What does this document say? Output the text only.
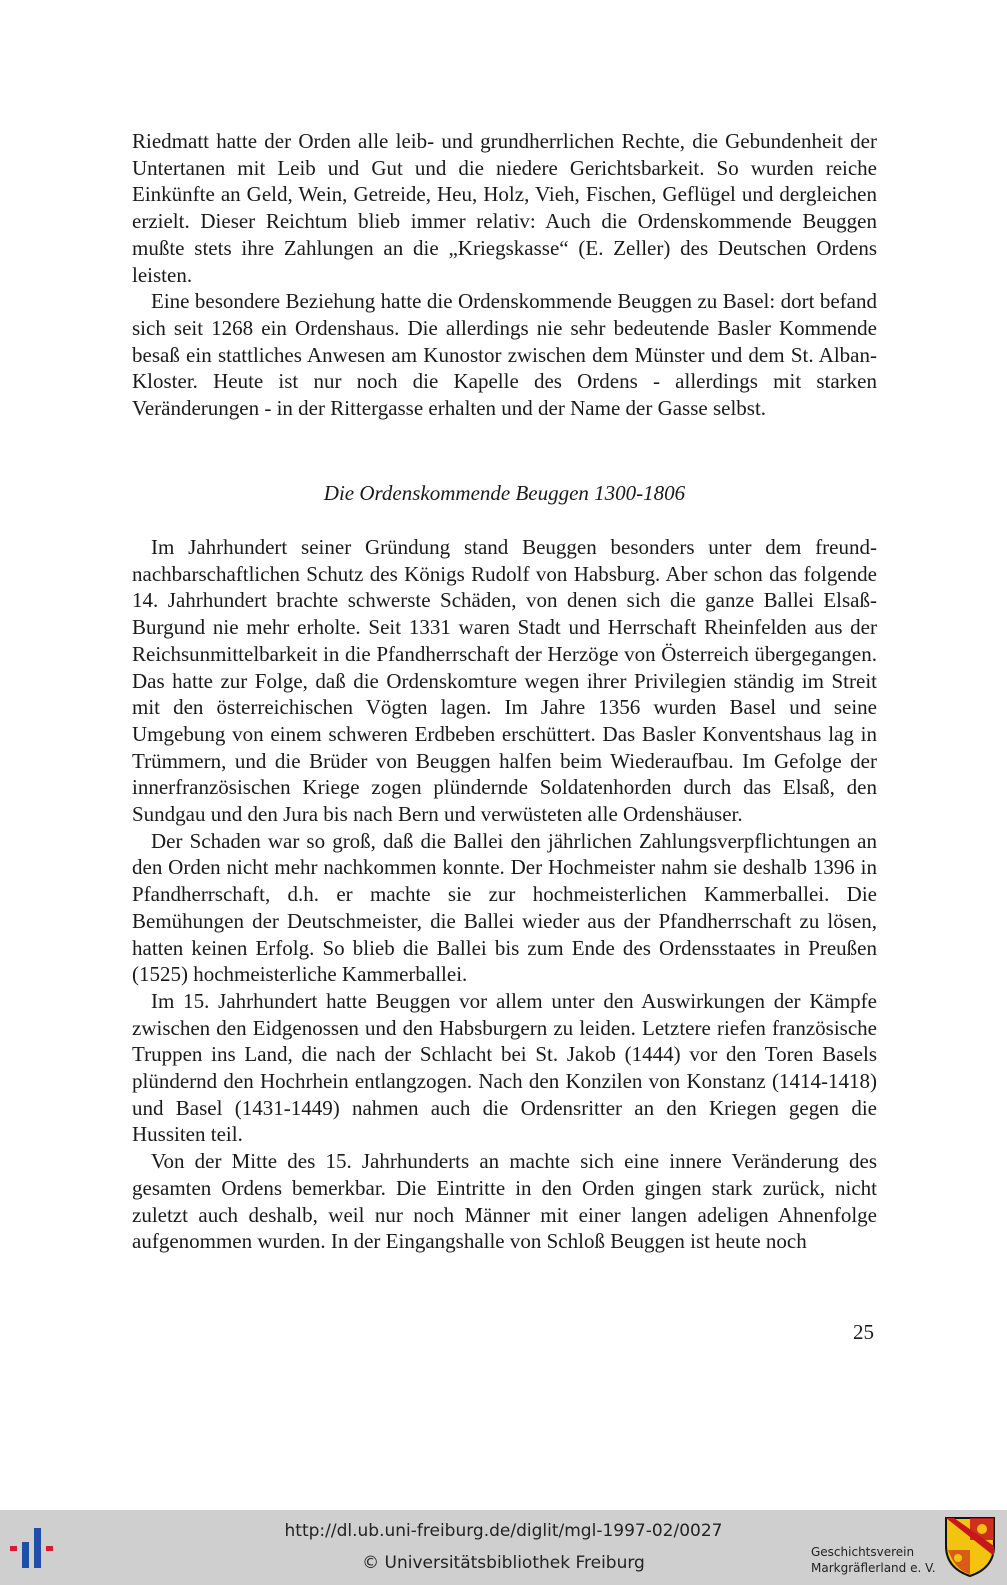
Riedmatt hatte der Orden alle leib- und grundherrlichen Rechte, die Gebundenheit der Untertanen mit Leib und Gut und die niedere Gerichtsbarkeit. So wurden reiche Einkünfte an Geld, Wein, Getreide, Heu, Holz, Vieh, Fischen, Geflügel und dergleichen erzielt. Dieser Reichtum blieb immer relativ: Auch die Ordenskommende Beuggen mußte stets ihre Zahlungen an die „Kriegskasse“ (E. Zeller) des Deutschen Ordens leisten.

Eine besondere Beziehung hatte die Ordenskommende Beuggen zu Basel: dort befand sich seit 1268 ein Ordenshaus. Die allerdings nie sehr bedeutende Basler Kommende besaß ein stattliches Anwesen am Kunostor zwischen dem Münster und dem St. Alban-Kloster. Heute ist nur noch die Kapelle des Ordens - allerdings mit starken Veränderungen - in der Rittergasse erhalten und der Name der Gasse selbst.

Die Ordenskommende Beuggen 1300-1806

Im Jahrhundert seiner Gründung stand Beuggen besonders unter dem freundnachbarschaftlichen Schutz des Königs Rudolf von Habsburg. Aber schon das folgende 14. Jahrhundert brachte schwerste Schäden, von denen sich die ganze Ballei Elsaß-Burgund nie mehr erholte. Seit 1331 waren Stadt und Herrschaft Rheinfelden aus der Reichsunmittelbarkeit in die Pfandherrschaft der Herzöge von Österreich übergegangen. Das hatte zur Folge, daß die Ordenskomture wegen ihrer Privilegien ständig im Streit mit den österreichischen Vögten lagen. Im Jahre 1356 wurden Basel und seine Umgebung von einem schweren Erdbeben erschüttert. Das Basler Konventshaus lag in Trümmern, und die Brüder von Beuggen halfen beim Wiederaufbau. Im Gefolge der innerfranzösischen Kriege zogen plündernde Soldatenhorden durch das Elsaß, den Sundgau und den Jura bis nach Bern und verwüsteten alle Ordenshäuser.

Der Schaden war so groß, daß die Ballei den jährlichen Zahlungsverpflichtungen an den Orden nicht mehr nachkommen konnte. Der Hochmeister nahm sie deshalb 1396 in Pfandherrschaft, d.h. er machte sie zur hochmeisterlichen Kammerballei. Die Bemühungen der Deutschmeister, die Ballei wieder aus der Pfandherrschaft zu lösen, hatten keinen Erfolg. So blieb die Ballei bis zum Ende des Ordensstaates in Preußen (1525) hochmeisterliche Kammerballei.

Im 15. Jahrhundert hatte Beuggen vor allem unter den Auswirkungen der Kämpfe zwischen den Eidgenossen und den Habsburgern zu leiden. Letztere riefen französische Truppen ins Land, die nach der Schlacht bei St. Jakob (1444) vor den Toren Basels plündernd den Hochrhein entlangzogen. Nach den Konzilen von Konstanz (1414-1418) und Basel (1431-1449) nahmen auch die Ordensritter an den Kriegen gegen die Hussiten teil.

Von der Mitte des 15. Jahrhunderts an machte sich eine innere Veränderung des gesamten Ordens bemerkbar. Die Eintritte in den Orden gingen stark zurück, nicht zuletzt auch deshalb, weil nur noch Männer mit einer langen adeligen Ahnenfolge aufgenommen wurden. In der Eingangshalle von Schloß Beuggen ist heute noch

25
http://dl.ub.uni-freiburg.de/diglit/mgl-1997-02/0027
© Universitätsbibliothek Freiburg
Geschichtsverein
Markgräflerland e. V.
